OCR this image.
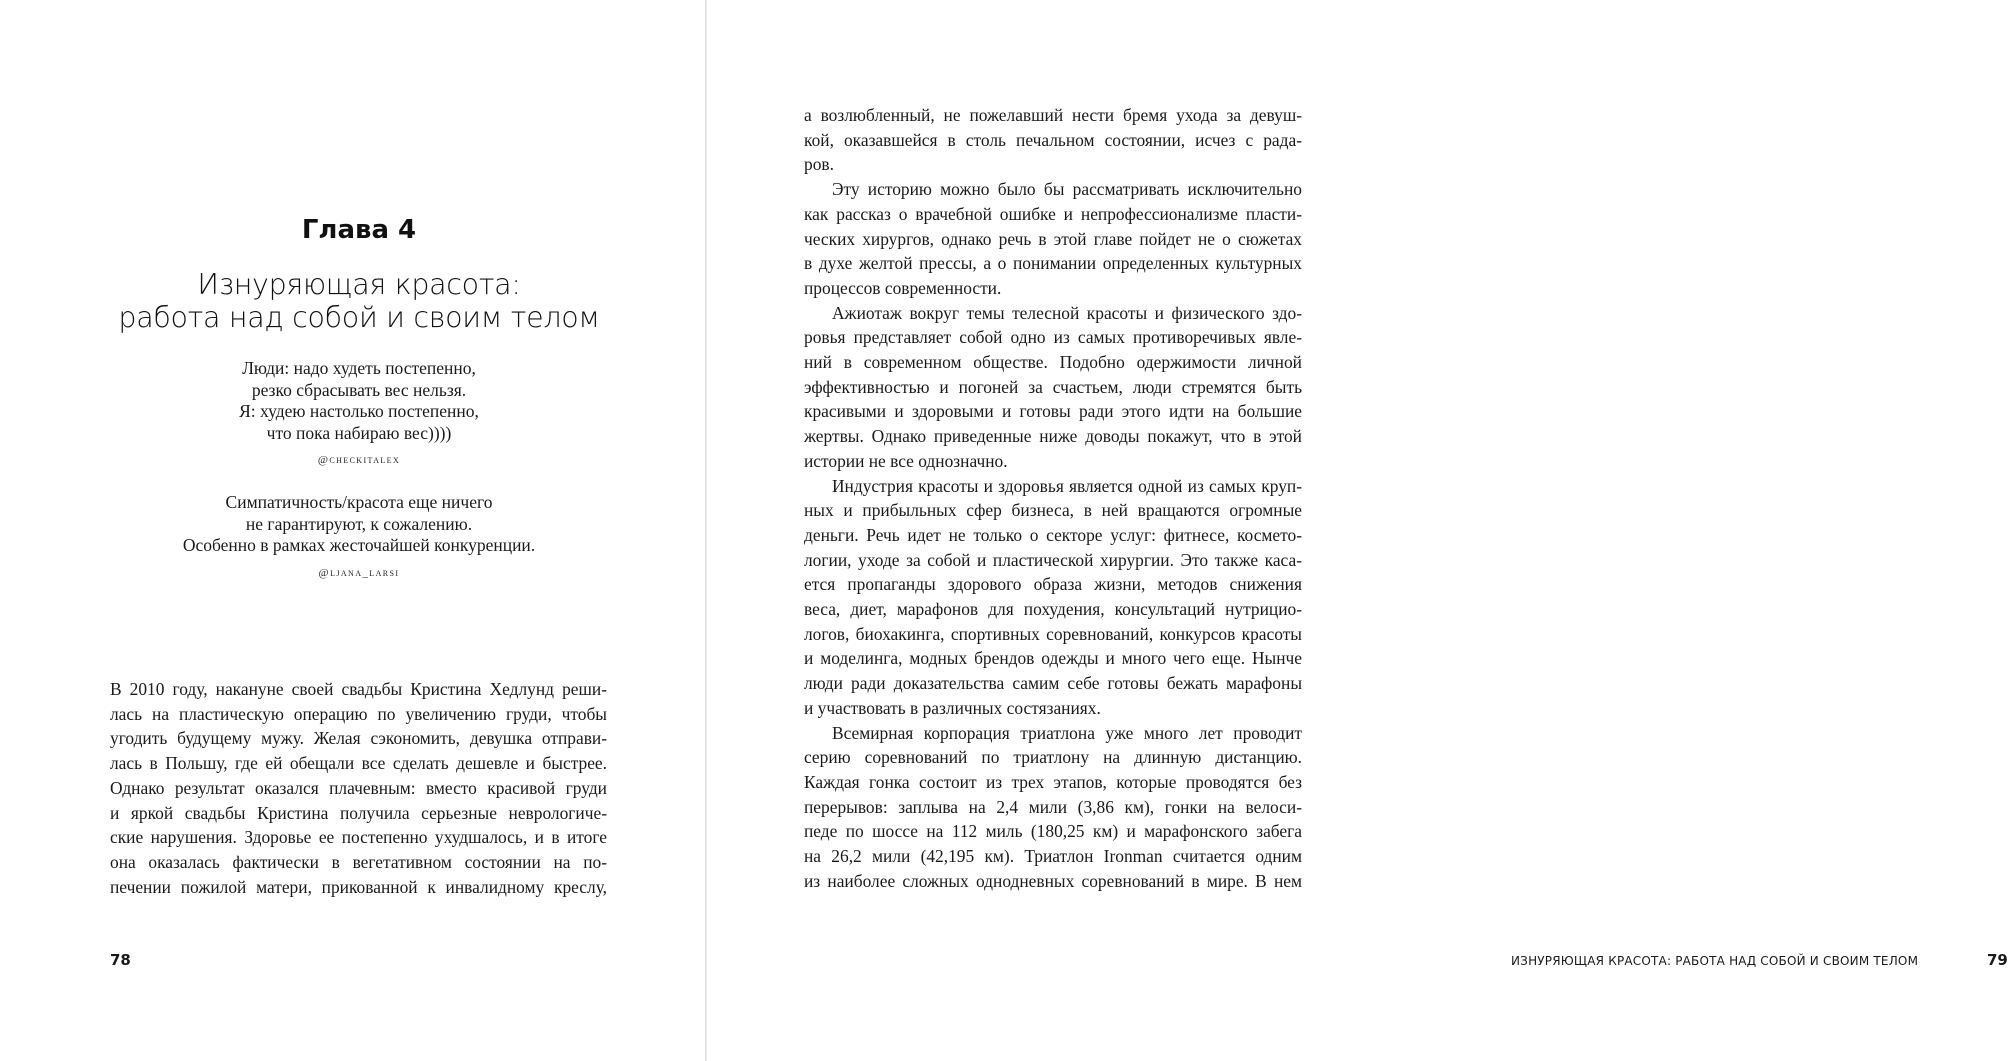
Глава 4
Изнуряющая красота:
работа над собой и своим телом
Люди: надо худеть постепенно,
резко сбрасывать вес нельзя.
Я: худею настолько постепенно,
что пока набираю вес))))
@checkitalex
Симпатичность/красота еще ничего
не гарантируют, к сожалению.
Особенно в рамках жесточайшей конкуренции.
@ljana_larsi
В 2010 году, накануне своей свадьбы Кристина Хедлунд реши-
лась на пластическую операцию по увеличению груди, чтобы
угодить будущему мужу. Желая сэкономить, девушка отправи-
лась в Польшу, где ей обещали все сделать дешевле и быстрее.
Однако результат оказался плачевным: вместо красивой груди
и яркой свадьбы Кристина получила серьезные неврологиче-
ские нарушения. Здоровье ее постепенно ухудшалось, и в итоге
она оказалась фактически в вегетативном состоянии на по-
печении пожилой матери, прикованной к инвалидному креслу,
78	ИЗНУРЯЮЩАЯ КРАСОТА: РАБОТА НАД СОБОЙ И СВОИМ ТЕЛОМ	79
а возлюбленный, не пожелавший нести бремя ухода за девуш-
кой, оказавшейся в столь печальном состоянии, исчез с рада-
ров.
Эту историю можно было бы рассматривать исключительно
как рассказ о врачебной ошибке и непрофессионализме пласти-
ческих хирургов, однако речь в этой главе пойдет не о сюжетах
в духе желтой прессы, а о понимании определенных культурных
процессов современности.
Ажиотаж вокруг темы телесной красоты и физического здо-
ровья представляет собой одно из самых противоречивых явле-
ний в современном обществе. Подобно одержимости личной
эффективностью и погоней за счастьем, люди стремятся быть
красивыми и здоровыми и готовы ради этого идти на большие
жертвы. Однако приведенные ниже доводы покажут, что в этой
истории не все однозначно.
Индустрия красоты и здоровья является одной из самых круп-
ных и прибыльных сфер бизнеса, в ней вращаются огромные
деньги. Речь идет не только о секторе услуг: фитнесе, космето-
логии, уходе за собой и пластической хирургии. Это также каса-
ется пропаганды здорового образа жизни, методов снижения
веса, диет, марафонов для похудения, консультаций нутрицио-
логов, биохакинга, спортивных соревнований, конкурсов красоты
и моделинга, модных брендов одежды и много чего еще. Нынче
люди ради доказательства самим себе готовы бежать марафоны
и участвовать в различных состязаниях.
Всемирная корпорация триатлона уже много лет проводит
серию соревнований по триатлону на длинную дистанцию.
Каждая гонка состоит из трех этапов, которые проводятся без
перерывов: заплыва на 2,4 мили (3,86 км), гонки на велоси-
педе по шоссе на 112 миль (180,25 км) и марафонского забега
на 26,2 мили (42,195 км). Триатлон Ironman считается одним
из наиболее сложных однодневных соревнований в мире. В нем
